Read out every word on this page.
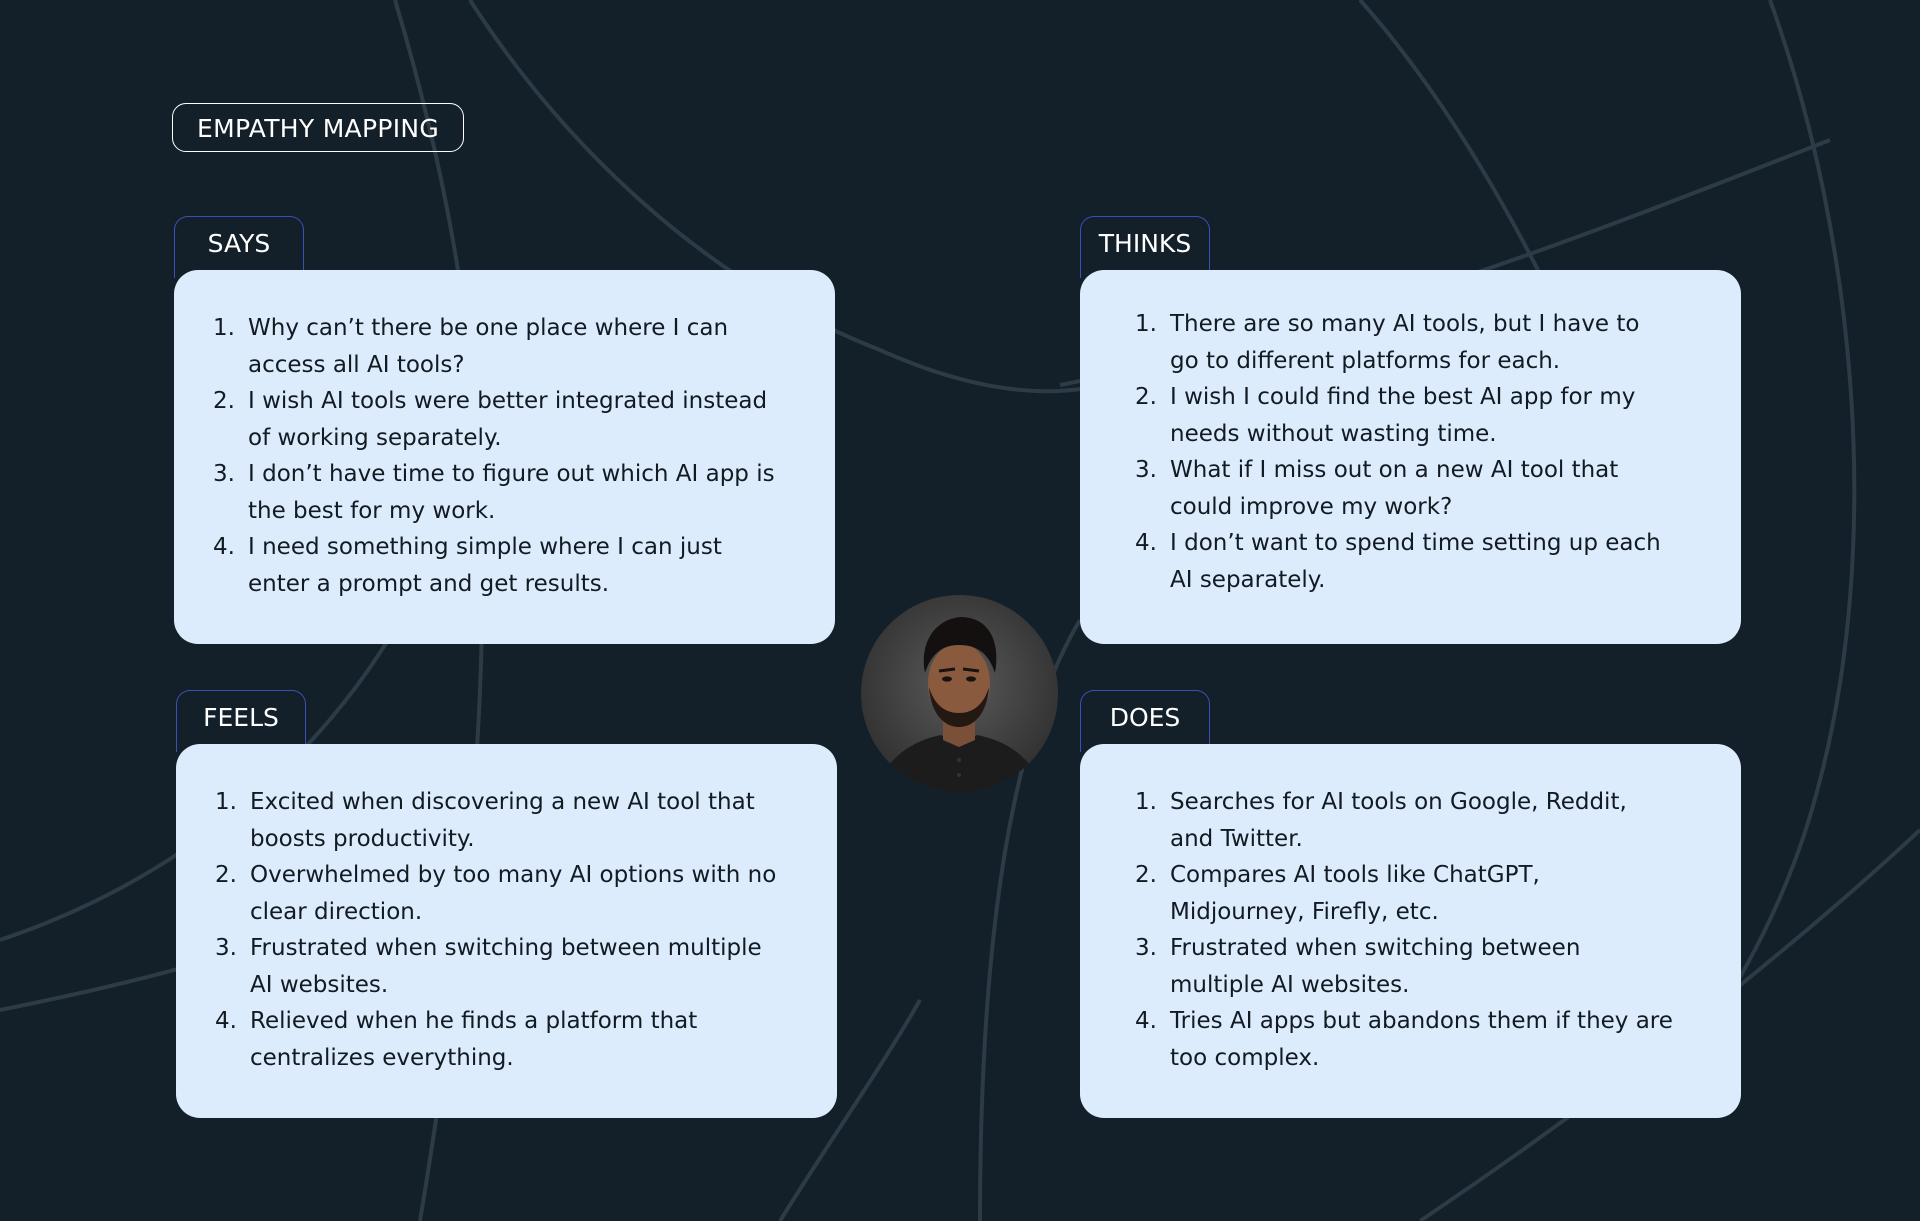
EMPATHY MAPPING
SAYS
Why can’t there be one place where I can access all AI tools?
I wish AI tools were better integrated instead of working separately.
I don’t have time to figure out which AI app is the best for my work.
I need something simple where I can just enter a prompt and get results.
THINKS
There are so many AI tools, but I have to go to different platforms for each.
I wish I could find the best AI app for my needs without wasting time.
What if I miss out on a new AI tool that could improve my work?
I don’t want to spend time setting up each AI separately.
FEELS
Excited when discovering a new AI tool that boosts productivity.
Overwhelmed by too many AI options with no clear direction.
Frustrated when switching between multiple AI websites.
Relieved when he finds a platform that centralizes everything.
DOES
Searches for AI tools on Google, Reddit, and Twitter.
Compares AI tools like ChatGPT, Midjourney, Firefly, etc.
Frustrated when switching between multiple AI websites.
Tries AI apps but abandons them if they are too complex.
